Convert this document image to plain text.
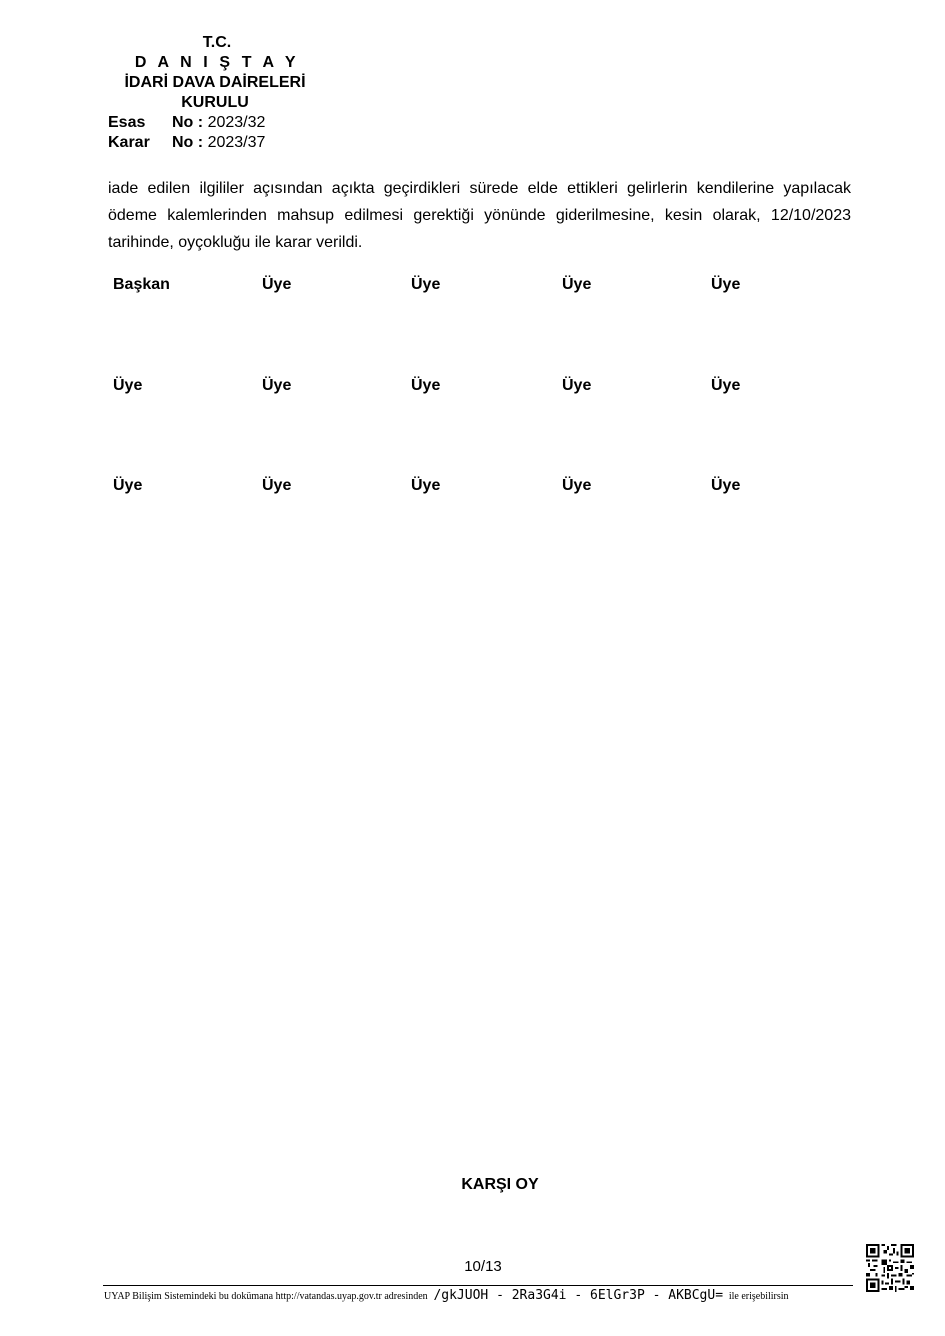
T.C.
D A N I Ş T A Y
İDARİ DAVA DAİRELERİ
KURULU
Esas No : 2023/32
Karar No : 2023/37
iade edilen ilgililer açısından açıkta geçirdikleri sürede elde ettikleri gelirlerin kendilerine yapılacak ödeme kalemlerinden mahsup edilmesi gerektiği yönünde giderilmesine, kesin olarak, 12/10/2023 tarihinde, oyçokluğu ile karar verildi.
Başkan	Üye	Üye	Üye	Üye
Üye	Üye	Üye	Üye	Üye
Üye	Üye	Üye	Üye	Üye
KARŞI OY
10/13
UYAP Bilişim Sistemindeki bu dokümana http://vatandas.uyap.gov.tr adresinden /gkJUOH - 2Ra3G4i - 6ElGr3P - AKBCgU= ile erişebilirsin
